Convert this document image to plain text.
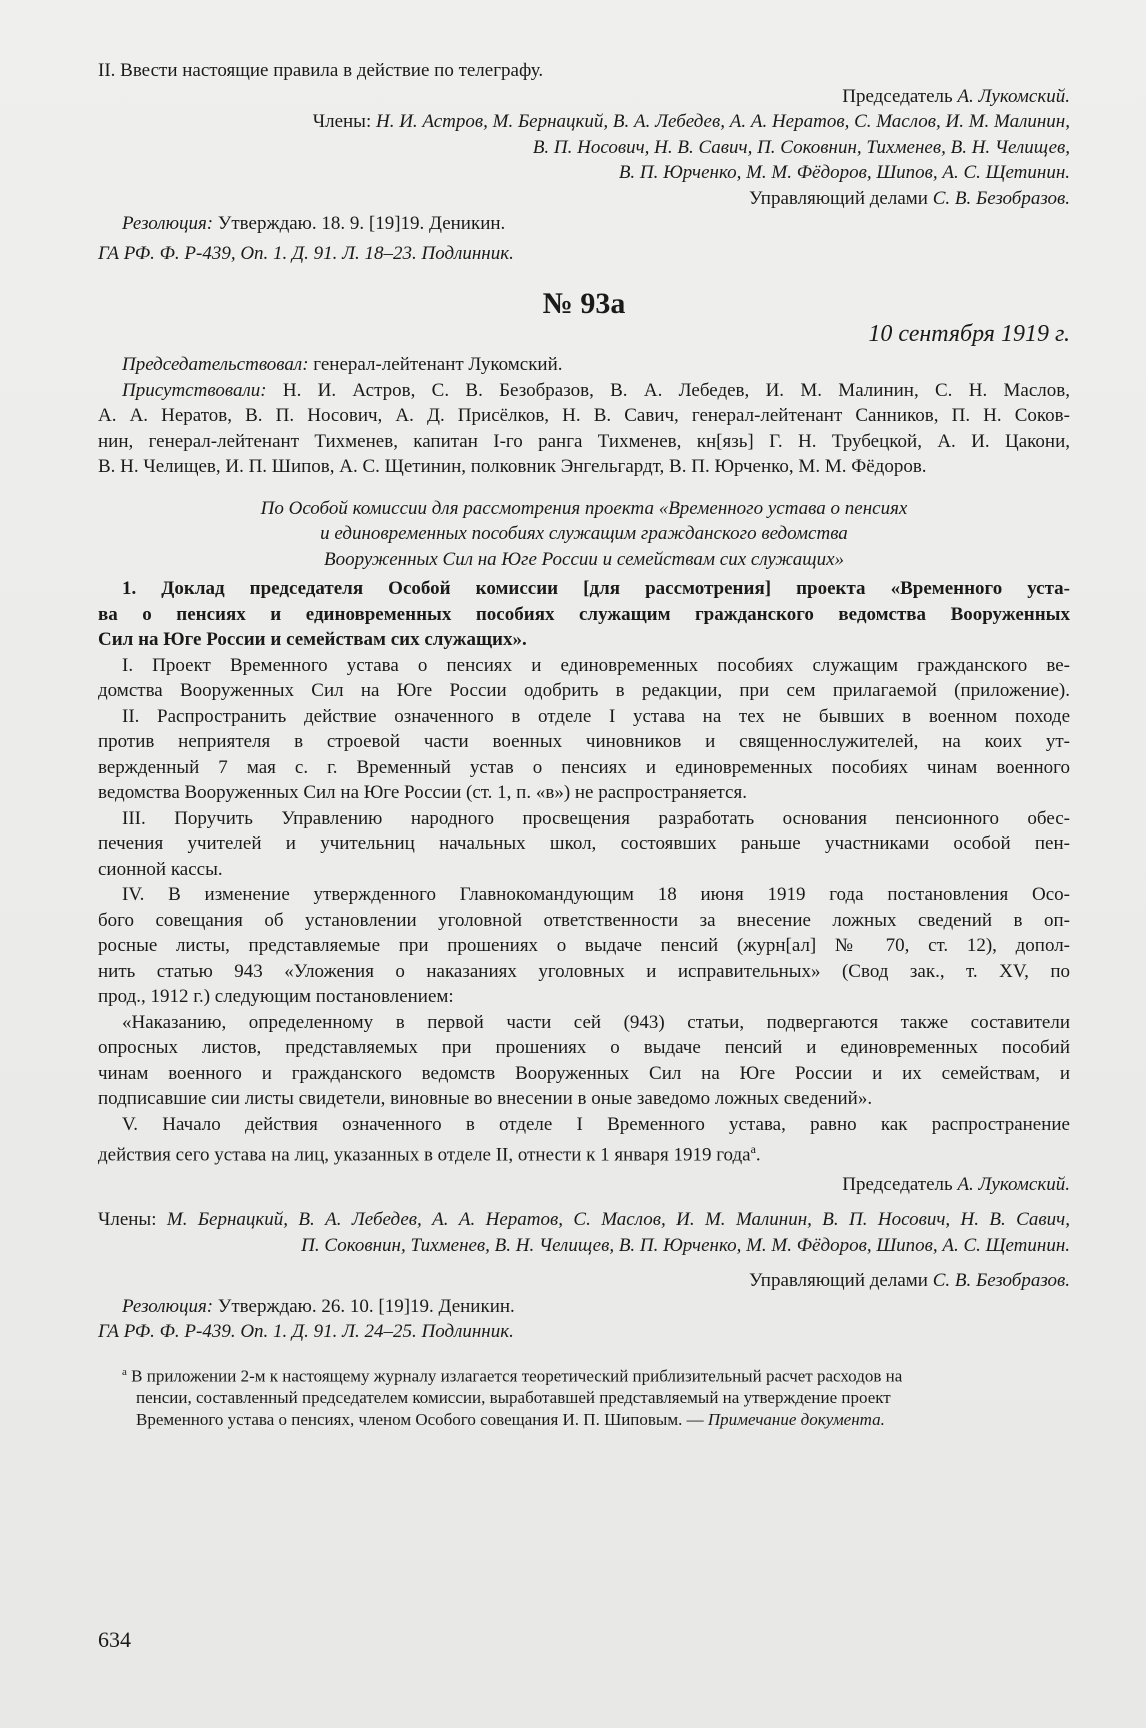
II. Ввести настоящие правила в действие по телеграфу.

Председатель А. Лукомский.

Члены: Н. И. Астров, М. Бернацкий, В. А. Лебедев, А. А. Нератов, С. Маслов, И. М. Малинин,

В. П. Носович, Н. В. Савич, П. Соковнин, Тихменев, В. Н. Челищев,

В. П. Юрченко, М. М. Фёдоров, Шипов, А. С. Щетинин.

Управляющий делами С. В. Безобразов.

Резолюция: Утверждаю. 18. 9. [19]19. Деникин.

ГА РФ. Ф. Р-439, Оп. 1. Д. 91. Л. 18–23. Подлинник.

№ 93а

10 сентября 1919 г.

Председательствовал: генерал-лейтенант Лукомский.

Присутствовали: Н. И. Астров, С. В. Безобразов, В. А. Лебедев, И. М. Малинин, С. Н. Маслов,

А. А. Нератов, В. П. Носович, А. Д. Присёлков, Н. В. Савич, генерал-лейтенант Санников, П. Н. Соков-

нин, генерал-лейтенант Тихменев, капитан I-го ранга Тихменев, кн[язь] Г. Н. Трубецкой, А. И. Цакони,

В. Н. Челищев, И. П. Шипов, А. С. Щетинин, полковник Энгельгардт, В. П. Юрченко, М. М. Фёдоров.

По Особой комиссии для рассмотрения проекта «Временного устава о пенсиях

и единовременных пособиях служащим гражданского ведомства

Вооруженных Сил на Юге России и семействам сих служащих»

1. Доклад председателя Особой комиссии [для рассмотрения] проекта «Временного уста-

ва о пенсиях и единовременных пособиях служащим гражданского ведомства Вооруженных

Сил на Юге России и семействам сих служащих».

I. Проект Временного устава о пенсиях и единовременных пособиях служащим гражданского ве-

домства Вооруженных Сил на Юге России одобрить в редакции, при сем прилагаемой (приложение).

II. Распространить действие означенного в отделе I устава на тех не бывших в военном походе

против неприятеля в строевой части военных чиновников и священнослужителей, на коих ут-

вержденный 7 мая с. г. Временный устав о пенсиях и единовременных пособиях чинам военного

ведомства Вооруженных Сил на Юге России (ст. 1, п. «в») не распространяется.

III. Поручить Управлению народного просвещения разработать основания пенсионного обес-

печения учителей и учительниц начальных школ, состоявших раньше участниками особой пен-

сионной кассы.

IV. В изменение утвержденного Главнокомандующим 18 июня 1919 года постановления Осо-

бого совещания об установлении уголовной ответственности за внесение ложных сведений в оп-

росные листы, представляемые при прошениях о выдаче пенсий (журн[ал] № 70, ст. 12), допол-

нить статью 943 «Уложения о наказаниях уголовных и исправительных» (Свод зак., т. XV, по

прод., 1912 г.) следующим постановлением:

«Наказанию, определенному в первой части сей (943) статьи, подвергаются также составители

опросных листов, представляемых при прошениях о выдаче пенсий и единовременных пособий

чинам военного и гражданского ведомств Вооруженных Сил на Юге России и их семействам, и

подписавшие сии листы свидетели, виновные во внесении в оные заведомо ложных сведений».

V. Начало действия означенного в отделе I Временного устава, равно как распространение

действия сего устава на лиц, указанных в отделе II, отнести к 1 января 1919 года$^а$.

Председатель А. Лукомский.

Члены: М. Бернацкий, В. А. Лебедев, А. А. Нератов, С. Маслов, И. М. Малинин, В. П. Носович, Н. В. Савич,

П. Соковнин, Тихменев, В. Н. Челищев, В. П. Юрченко, М. М. Фёдоров, Шипов, А. С. Щетинин.

Управляющий делами С. В. Безобразов.

Резолюция: Утверждаю. 26. 10. [19]19. Деникин.

ГА РФ. Ф. Р-439. Оп. 1. Д. 91. Л. 24–25. Подлинник.

$^а$ В приложении 2-м к настоящему журналу излагается теоретический приблизительный расчет расходов на

пенсии, составленный председателем комиссии, выработавшей представляемый на утверждение проект

Временного устава о пенсиях, членом Особого совещания И. П. Шиповым. — Примечание документа.

634
